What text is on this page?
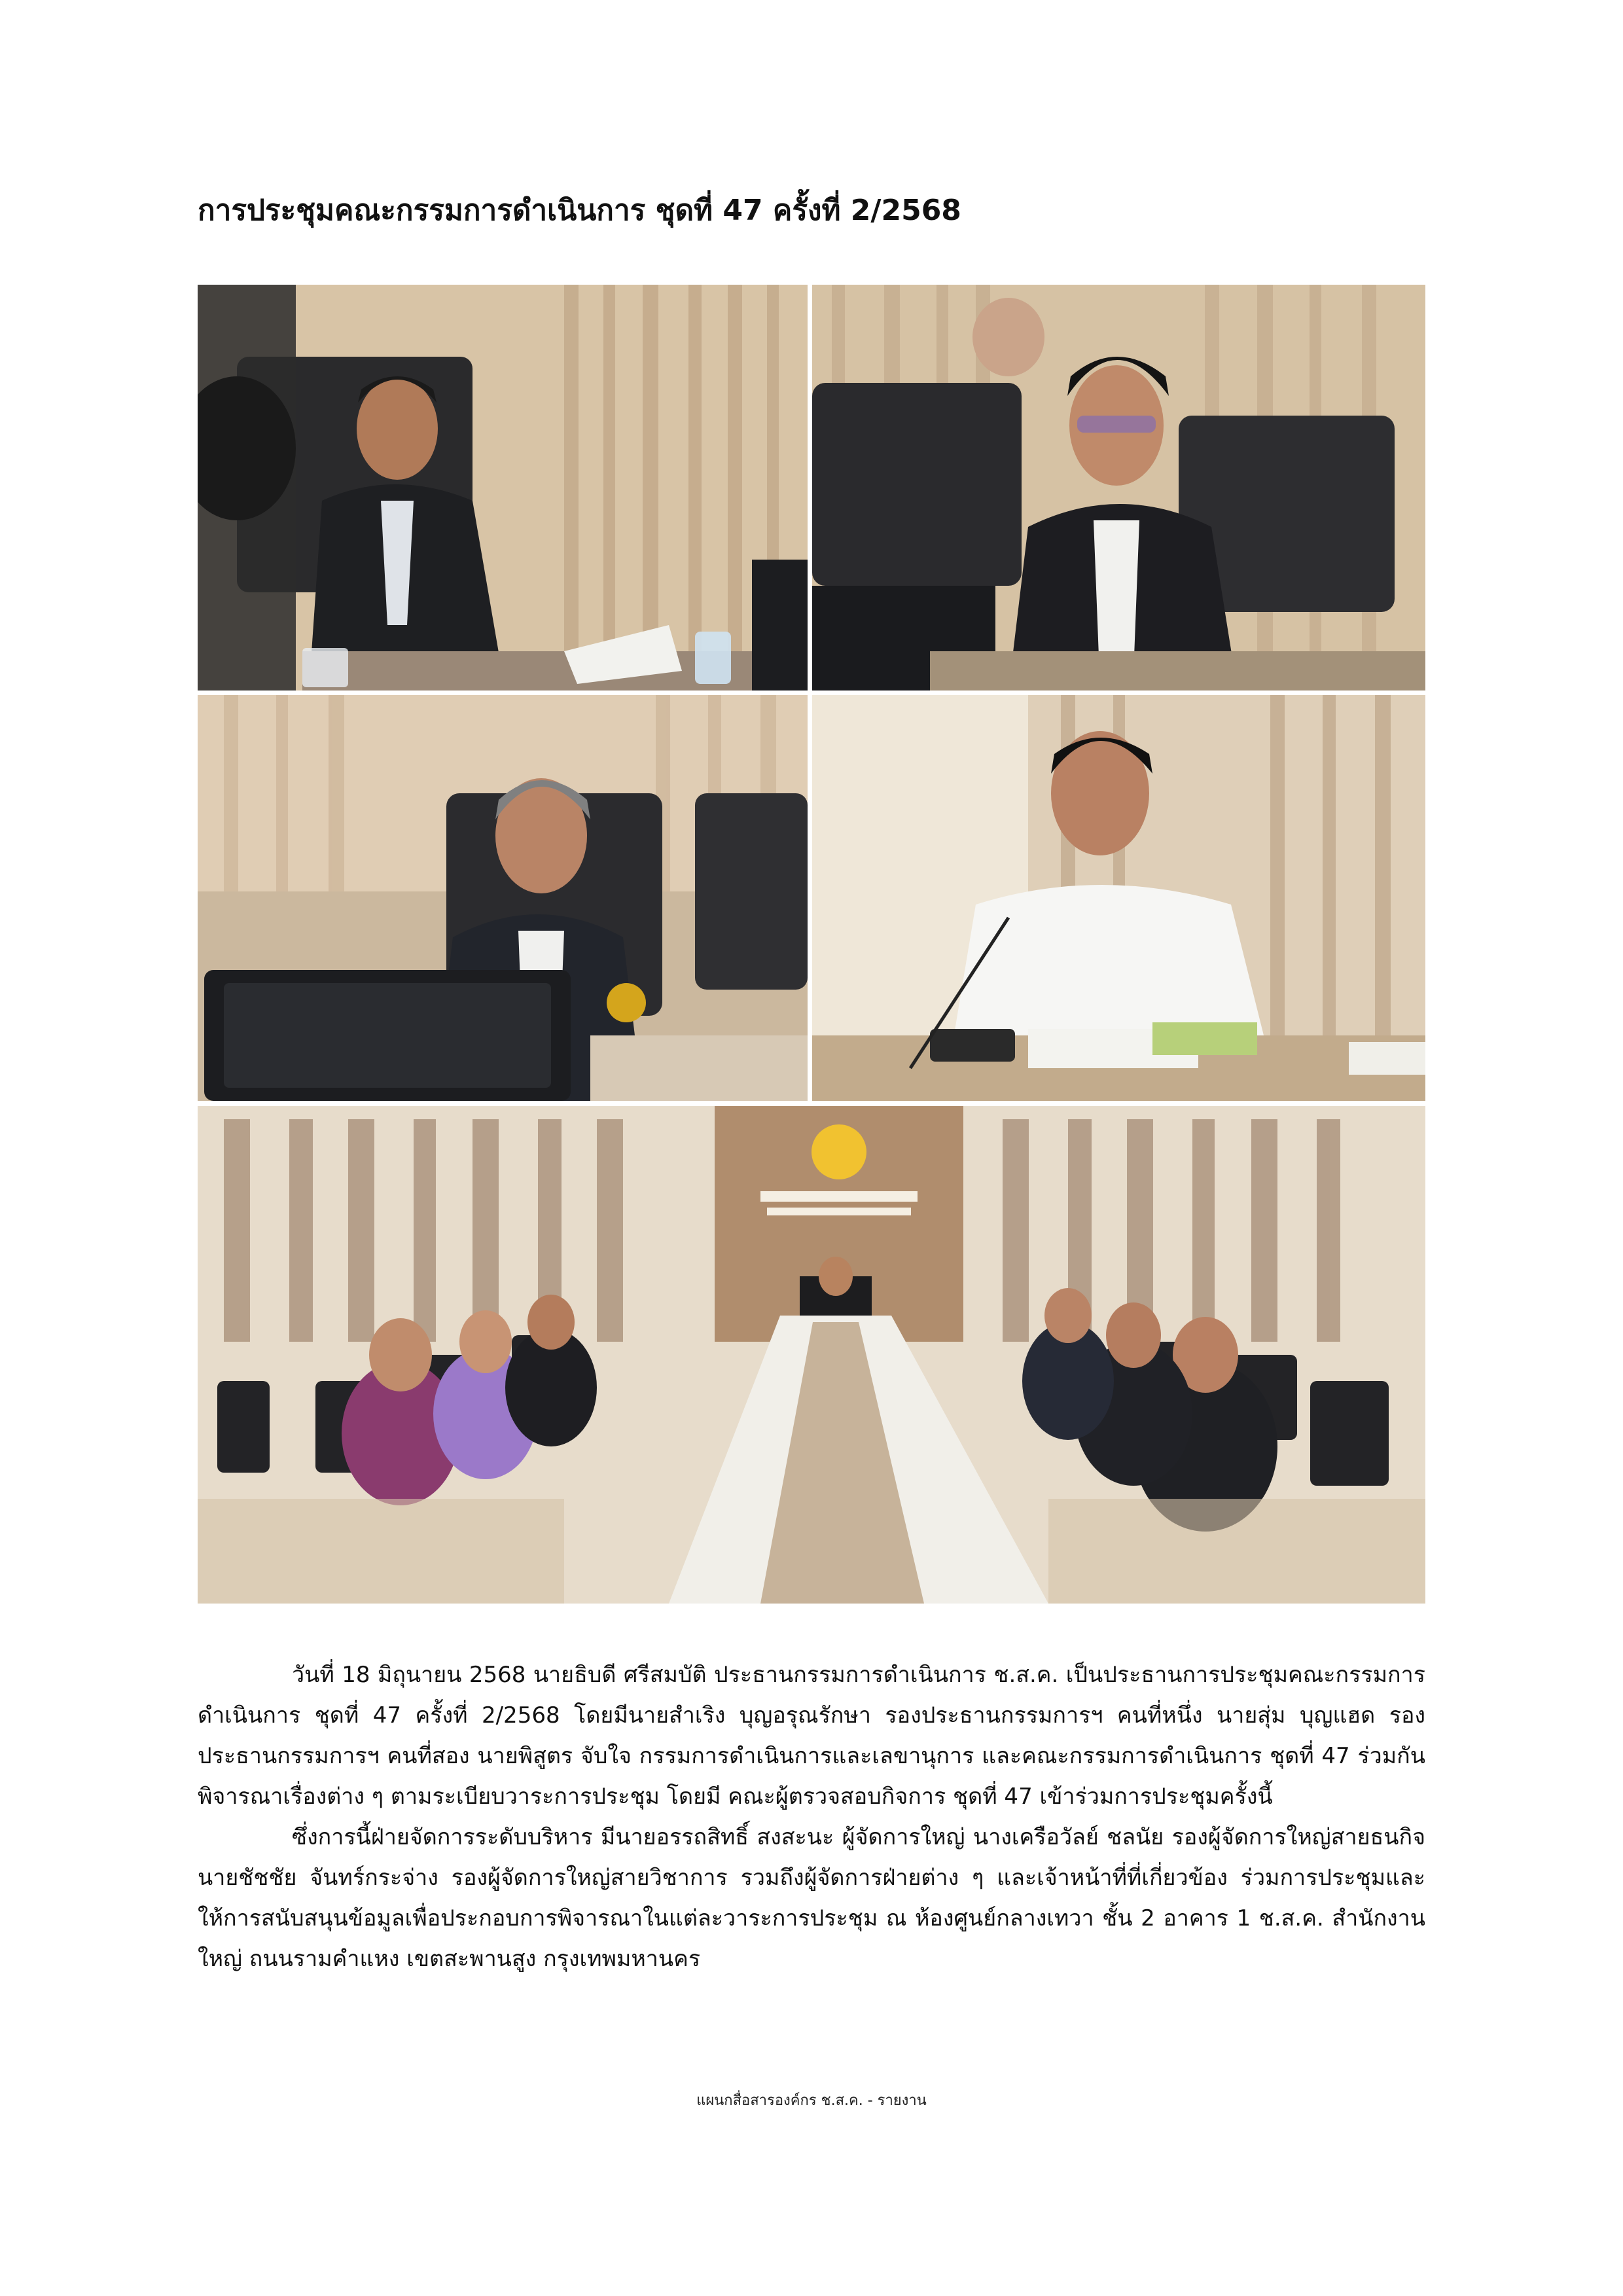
การประชุมคณะกรรมการดำเนินการ ชุดที่ 47 ครั้งที่ 2/2568

วันที่ 18 มิถุนายน 2568 นายธิบดี ศรีสมบัติ ประธานกรรมการดำเนินการ ช.ส.ค. เป็นประธานการประชุมคณะกรรมการดำเนินการ ชุดที่ 47 ครั้งที่ 2/2568 โดยมีนายสำเริง บุญอรุณรักษา รองประธานกรรมการฯ คนที่หนึ่ง นายสุ่ม บุญแฮด รองประธานกรรมการฯ คนที่สอง นายพิสูตร จับใจ กรรมการดำเนินการและเลขานุการ และคณะกรรมการดำเนินการ ชุดที่ 47 ร่วมกันพิจารณาเรื่องต่าง ๆ ตามระเบียบวาระการประชุม โดยมี คณะผู้ตรวจสอบกิจการ ชุดที่ 47 เข้าร่วมการประชุมครั้งนี้

ซึ่งการนี้ฝ่ายจัดการระดับบริหาร มีนายอรรถสิทธิ์ สงสะนะ ผู้จัดการใหญ่ นางเครือวัลย์ ชลนัย รองผู้จัดการใหญ่สายธนกิจ นายชัชชัย จันทร์กระจ่าง รองผู้จัดการใหญ่สายวิชาการ รวมถึงผู้จัดการฝ่ายต่าง ๆ และเจ้าหน้าที่ที่เกี่ยวข้อง ร่วมการประชุมและให้การสนับสนุนข้อมูลเพื่อประกอบการพิจารณาในแต่ละวาระการประชุม ณ ห้องศูนย์กลางเทวา ชั้น 2 อาคาร 1 ช.ส.ค. สำนักงานใหญ่ ถนนรามคำแหง เขตสะพานสูง กรุงเทพมหานคร

แผนกสื่อสารองค์กร ช.ส.ค. - รายงาน
